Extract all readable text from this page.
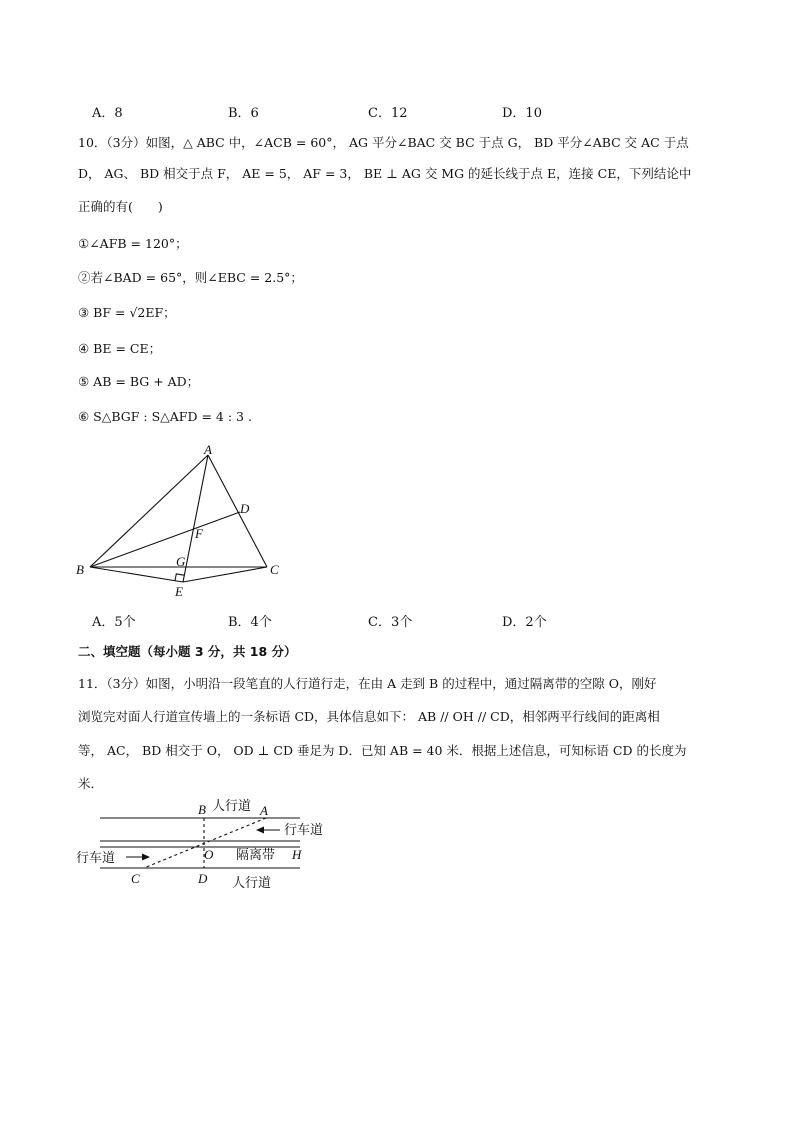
A．8	B．6	C．12	D．10
10．（3分）如图，△ ABC 中，∠ACB = 60°， AG 平分∠BAC 交 BC 于点 G， BD 平分∠ABC 交 AC 于点
D， AG、 BD 相交于点 F， AE = 5， AF = 3， BE ⊥ AG 交 MG 的延长线于点 E，连接 CE，下列结论中
正确的有(　　)
①∠AFB = 120°；
②若∠BAD = 65°，则∠EBC = 2.5°；
③ BF = √2EF；
④ BE = CE；
⑤ AB = BG + AD；
⑥ S△BGF : S△AFD = 4 : 3 .
A
D
F
G
B	C
E
A．5个	B．4个	C．3个	D．2个
二、填空题（每小题 3 分，共 18 分）
11．（3分）如图，小明沿一段笔直的人行道行走，在由 A 走到 B 的过程中，通过隔离带的空隙 O，刚好
浏览完对面人行道宣传墙上的一条标语 CD，具体信息如下： AB // OH // CD，相邻两平行线间的距离相
等， AC， BD 相交于 O， OD ⊥ CD 垂足为 D．已知 AB = 40 米．根据上述信息，可知标语 CD 的长度为
米．
B 人行道 A
行车道
行车道	O 隔离带 H
C	D 人行道
